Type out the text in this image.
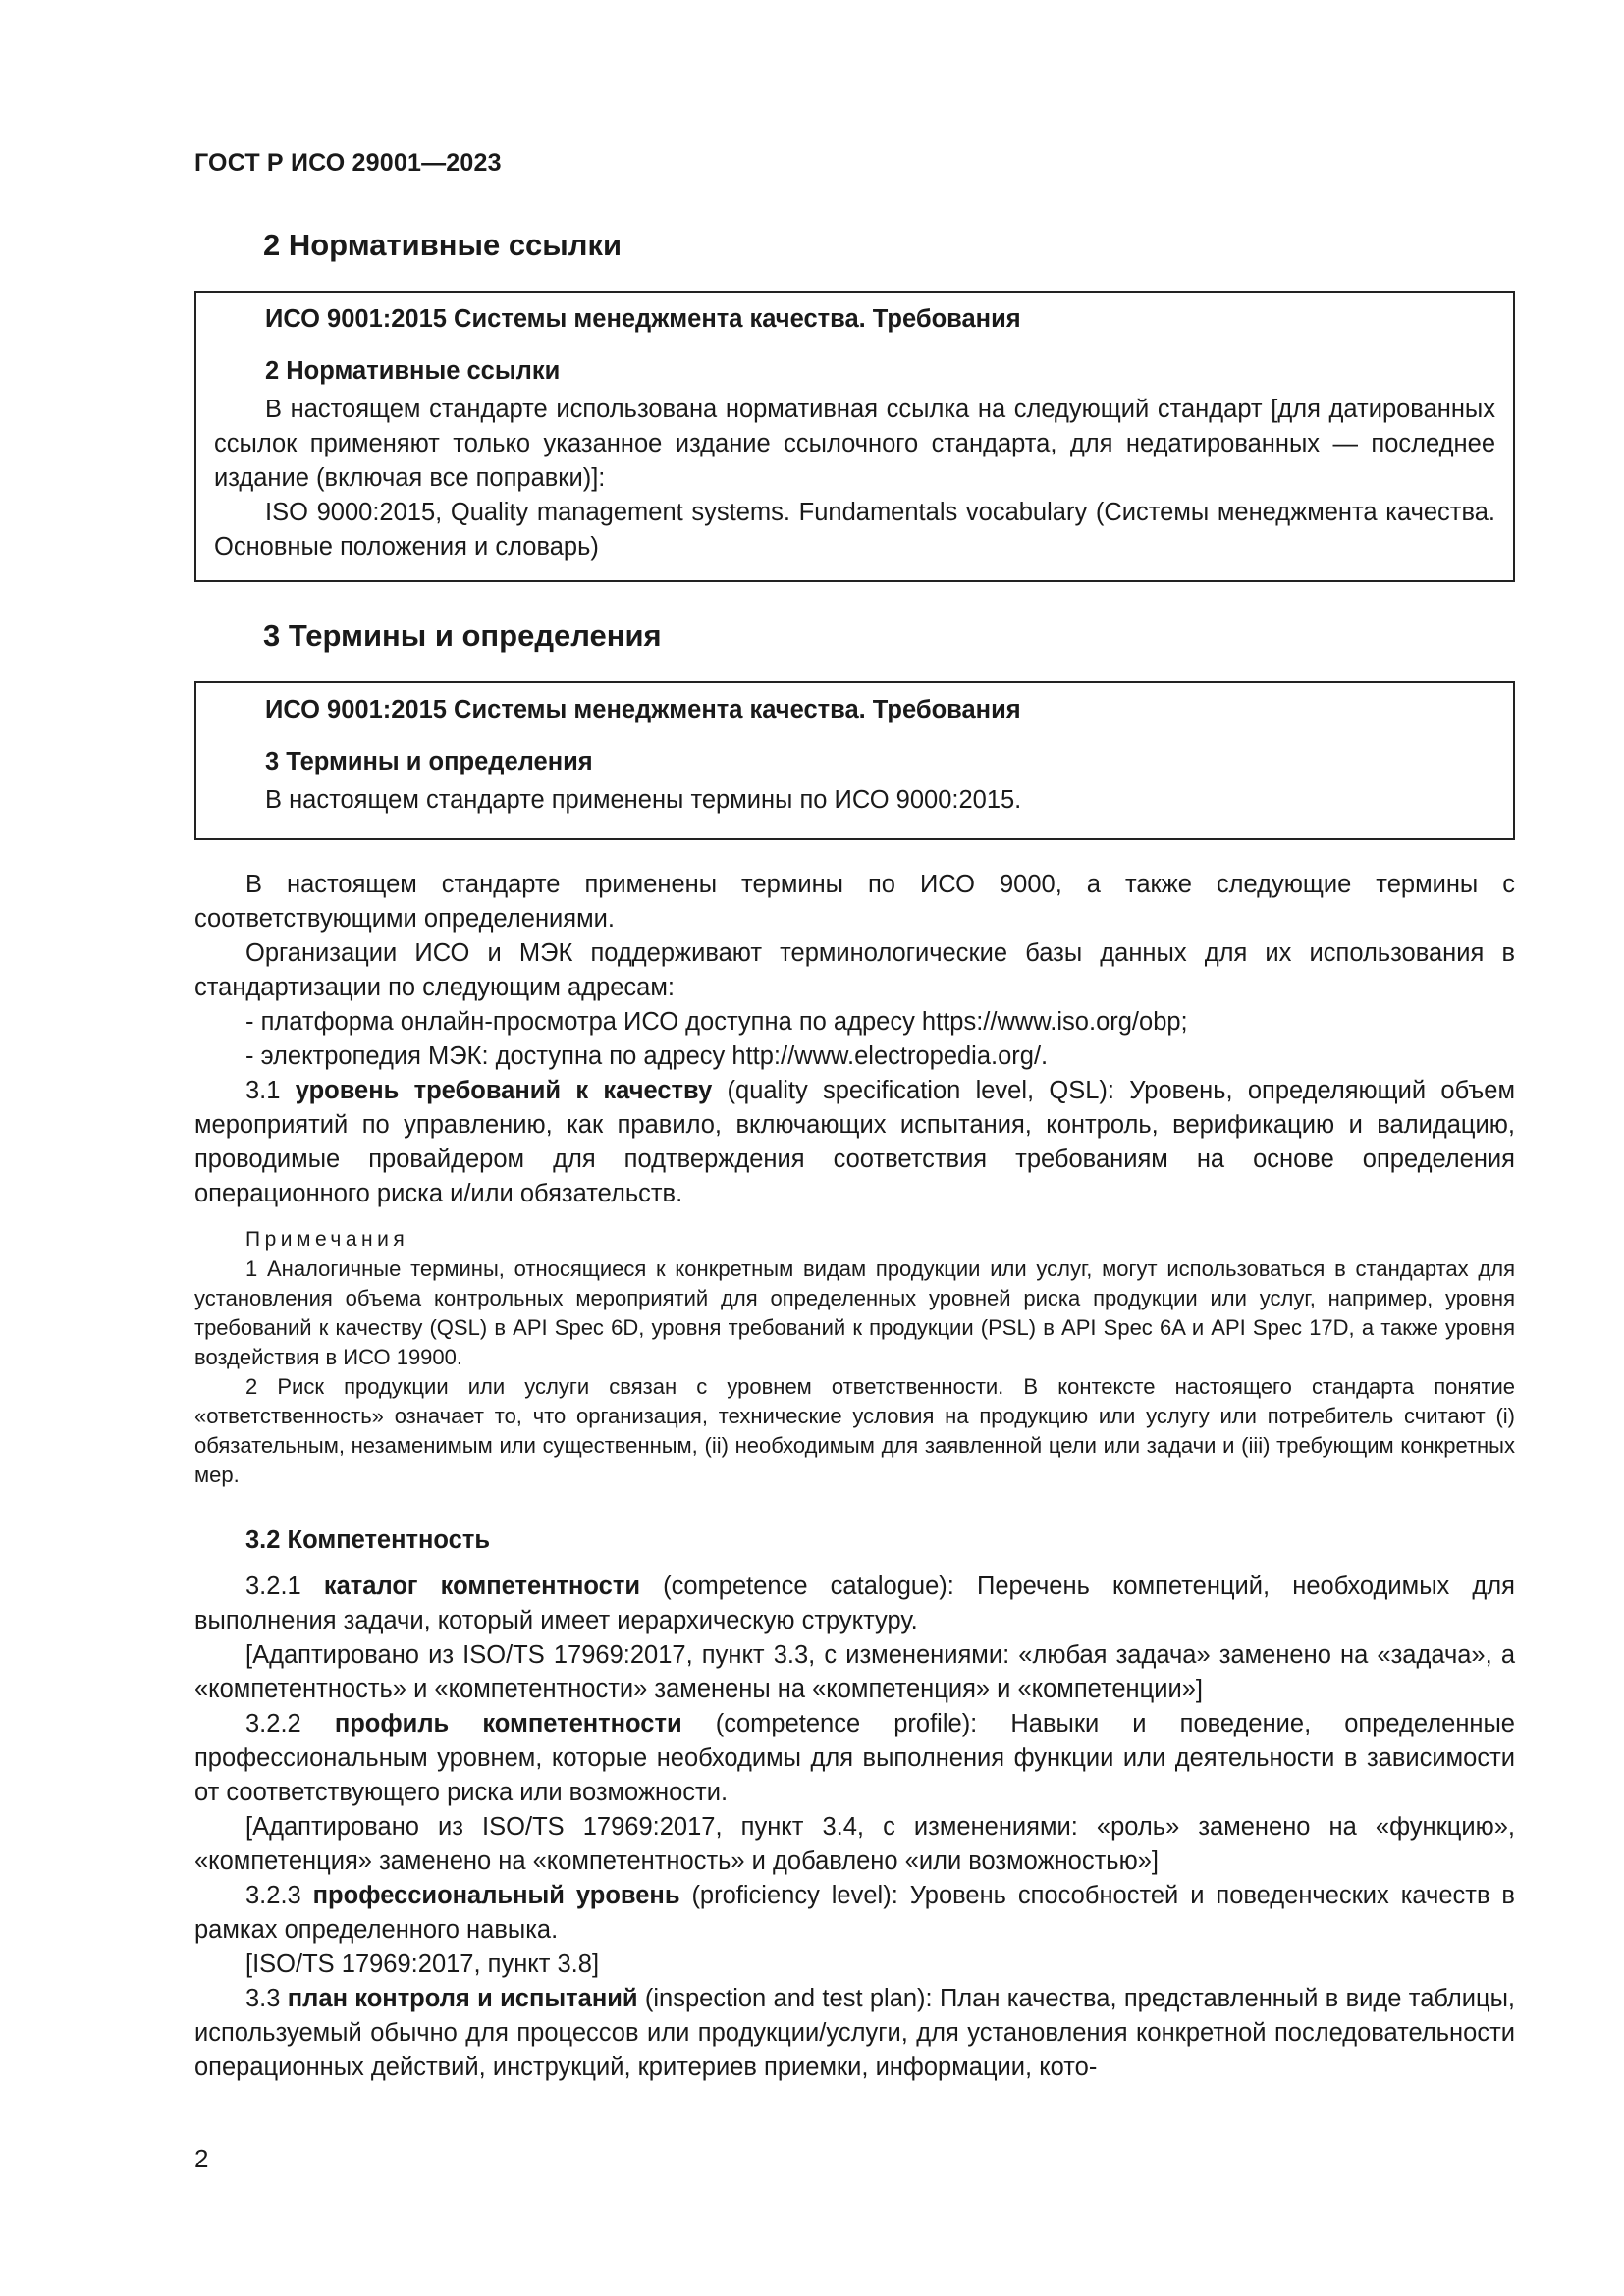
ГОСТ Р ИСО 29001—2023
2 Нормативные ссылки
ИСО 9001:2015 Системы менеджмента качества. Требования
2 Нормативные ссылки

В настоящем стандарте использована нормативная ссылка на следующий стандарт [для датированных ссылок применяют только указанное издание ссылочного стандарта, для недатированных — последнее издание (включая все поправки)]:

ISO 9000:2015, Quality management systems. Fundamentals vocabulary (Системы менеджмента качества. Основные положения и словарь)

3 Термины и определения
ИСО 9001:2015 Системы менеджмента качества. Требования
3 Термины и определения

В настоящем стандарте применены термины по ИСО 9000:2015.

В настоящем стандарте применены термины по ИСО 9000, а также следующие термины с соответствующими определениями.

Организации ИСО и МЭК поддерживают терминологические базы данных для их использования в стандартизации по следующим адресам:

- платформа онлайн-просмотра ИСО доступна по адресу https://www.iso.org/obp;

- электропедия МЭК: доступна по адресу http://www.electropedia.org/.

3.1 уровень требований к качеству (quality specification level, QSL): Уровень, определяющий объем мероприятий по управлению, как правило, включающих испытания, контроль, верификацию и валидацию, проводимые провайдером для подтверждения соответствия требованиям на основе определения операционного риска и/или обязательств.

Примечания

1 Аналогичные термины, относящиеся к конкретным видам продукции или услуг, могут использоваться в стандартах для установления объема контрольных мероприятий для определенных уровней риска продукции или услуг, например, уровня требований к качеству (QSL) в API Spec 6D, уровня требований к продукции (PSL) в API Spec 6A и API Spec 17D, а также уровня воздействия в ИСО 19900.

2 Риск продукции или услуги связан с уровнем ответственности. В контексте настоящего стандарта понятие «ответственность» означает то, что организация, технические условия на продукцию или услугу или потребитель считают (i) обязательным, незаменимым или существенным, (ii) необходимым для заявленной цели или задачи и (iii) требующим конкретных мер.

3.2 Компетентность

3.2.1 каталог компетентности (competence catalogue): Перечень компетенций, необходимых для выполнения задачи, который имеет иерархическую структуру.

[Адаптировано из ISO/TS 17969:2017, пункт 3.3, с изменениями: «любая задача» заменено на «задача», а «компетентность» и «компетентности» заменены на «компетенция» и «компетенции»]

3.2.2 профиль компетентности (competence profile): Навыки и поведение, определенные профессиональным уровнем, которые необходимы для выполнения функции или деятельности в зависимости от соответствующего риска или возможности.

[Адаптировано из ISO/TS 17969:2017, пункт 3.4, с изменениями: «роль» заменено на «функцию», «компетенция» заменено на «компетентность» и добавлено «или возможностью»]

3.2.3 профессиональный уровень (proficiency level): Уровень способностей и поведенческих качеств в рамках определенного навыка.

[ISO/TS 17969:2017, пункт 3.8]

3.3 план контроля и испытаний (inspection and test plan): План качества, представленный в виде таблицы, используемый обычно для процессов или продукции/услуги, для установления конкретной последовательности операционных действий, инструкций, критериев приемки, информации, кото-

2
